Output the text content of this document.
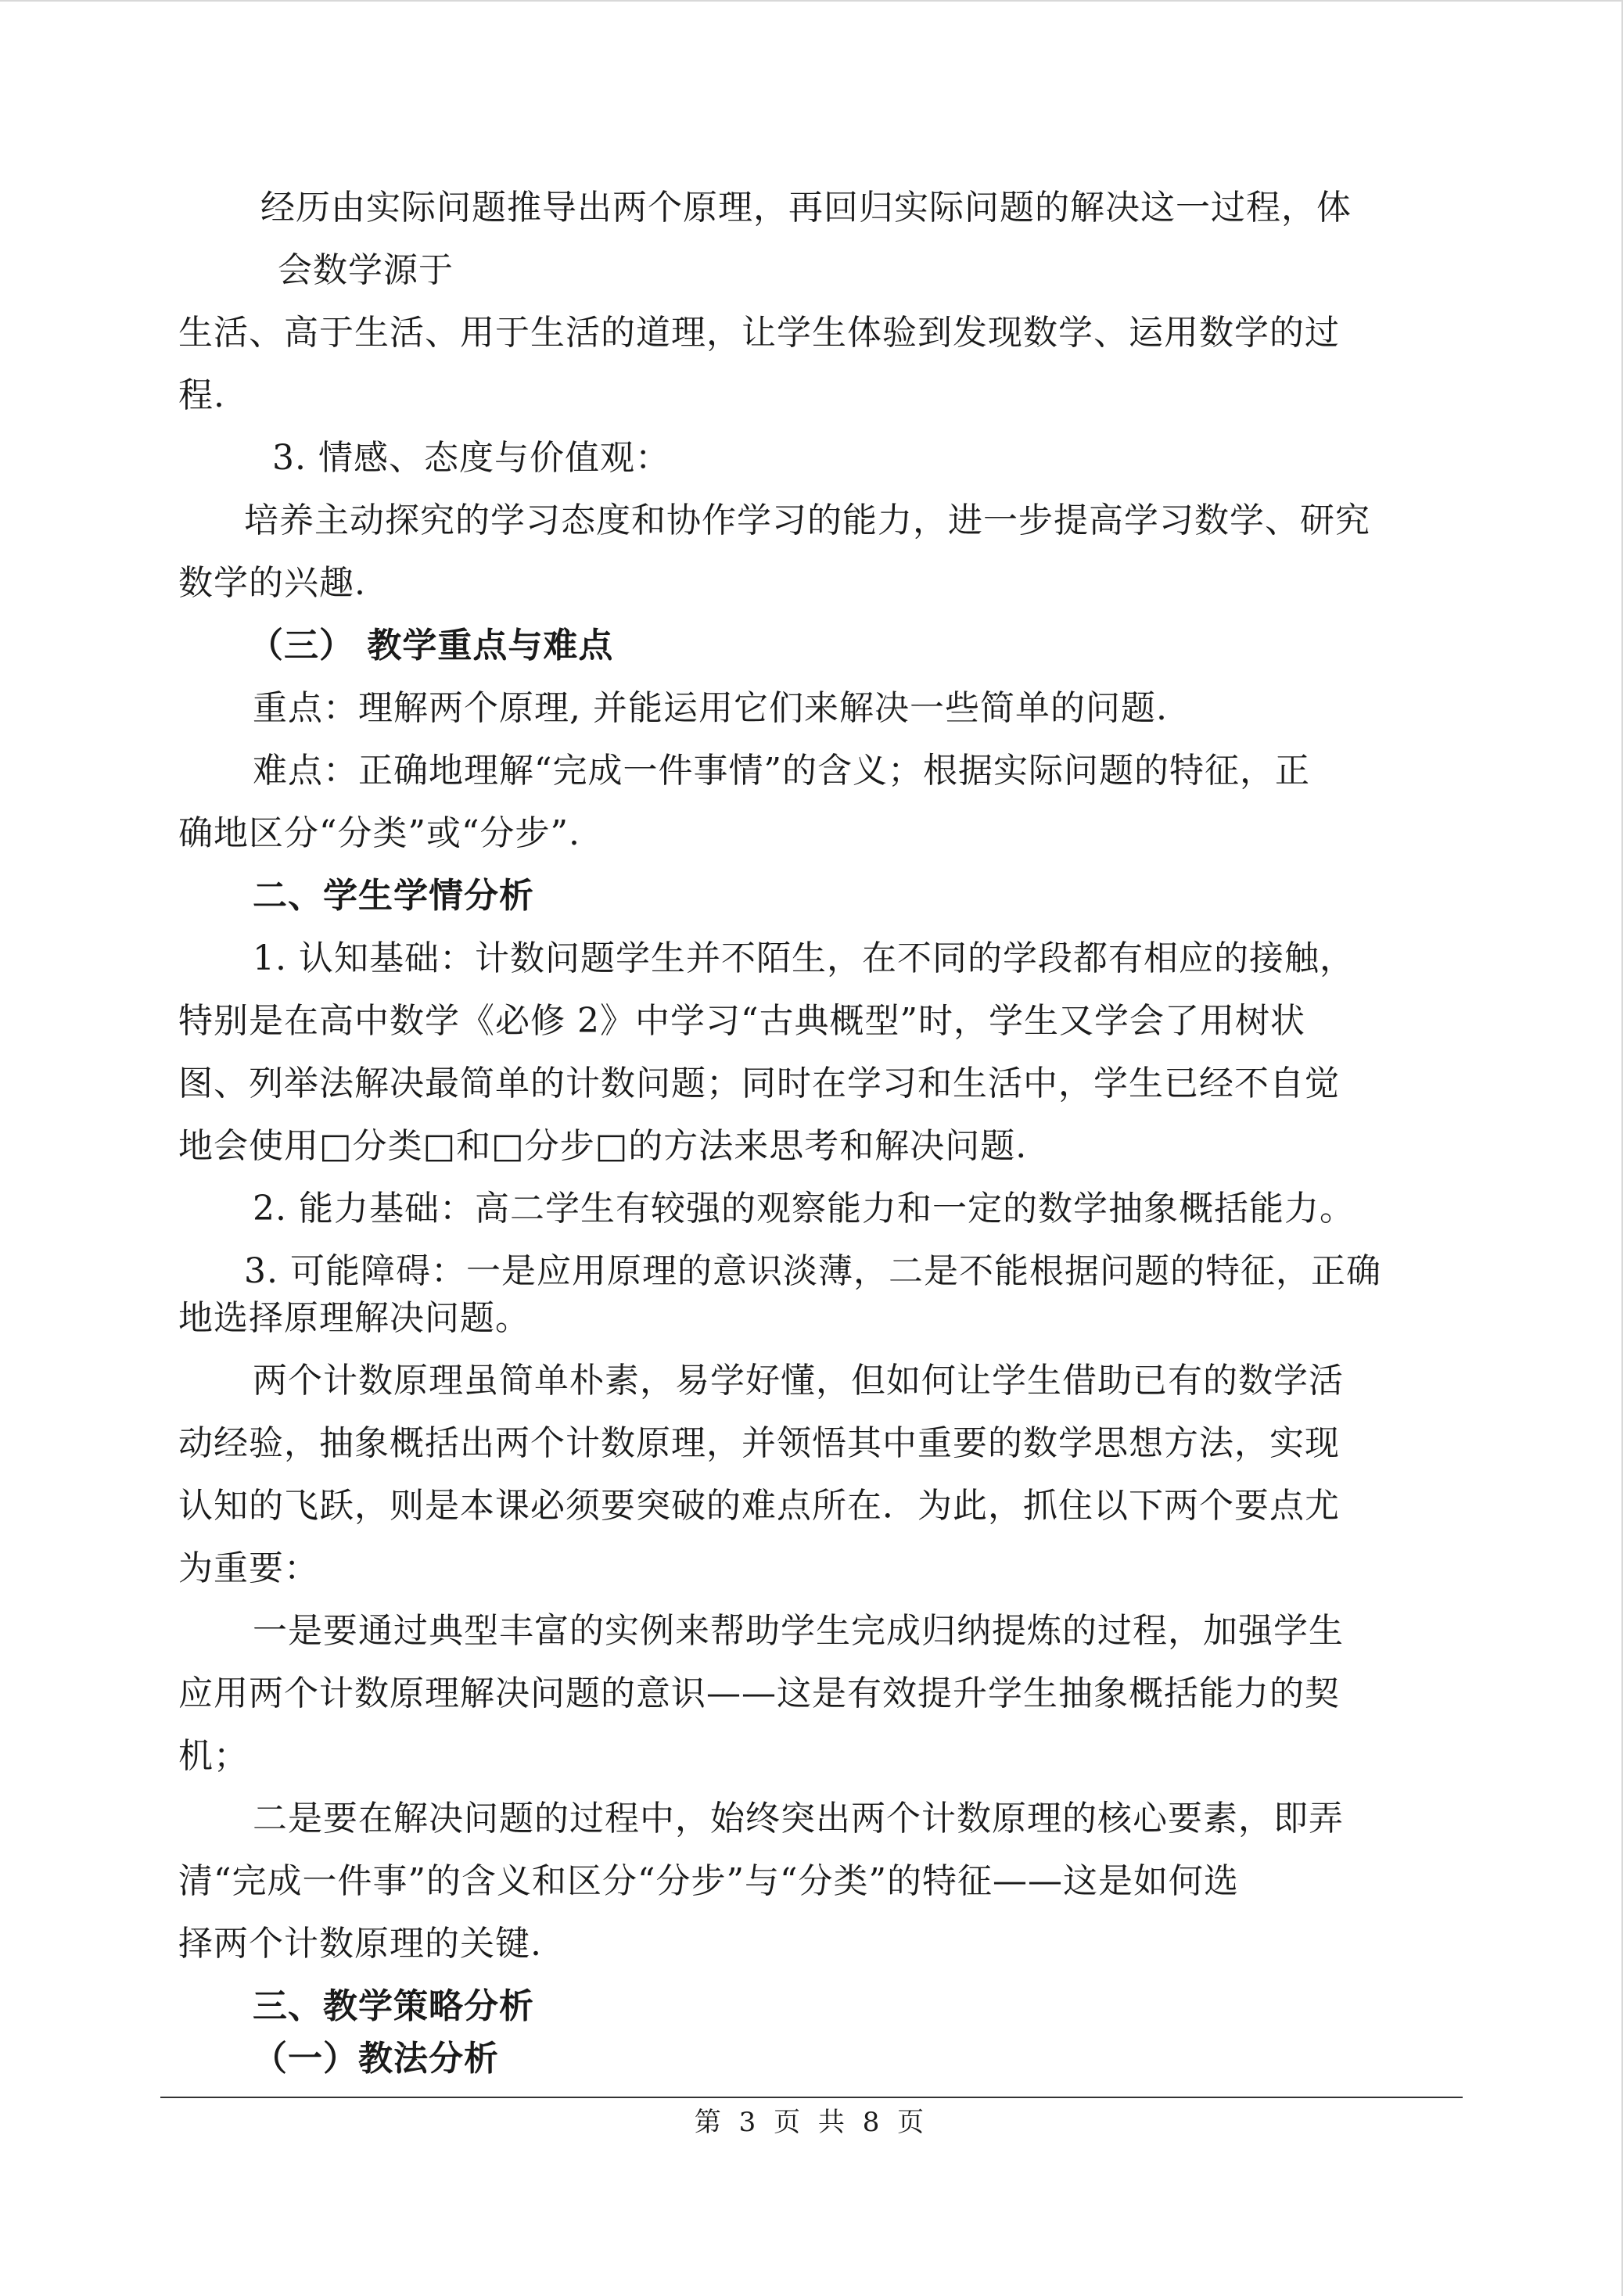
经历由实际问题推导出两个原理，再回归实际问题的解决这一过程，体
会数学源于
生活、高于生活、用于生活的道理，让学生体验到发现数学、运用数学的过
程.
3. 情感、态度与价值观：
培养主动探究的学习态度和协作学习的能力，进一步提高学习数学、研究
数学的兴趣.
（三） 教学重点与难点
重点：理解两个原理, 并能运用它们来解决一些简单的问题.
难点：正确地理解“完成一件事情”的含义；根据实际问题的特征，正
确地区分“分类”或“分步”.
二、学生学情分析
1. 认知基础：计数问题学生并不陌生，在不同的学段都有相应的接触，
特别是在高中数学《必修 2》中学习“古典概型”时，学生又学会了用树状
图、列举法解决最简单的计数问题；同时在学习和生活中，学生已经不自觉
地会使用□分类□和□分步□的方法来思考和解决问题.
2. 能力基础：高二学生有较强的观察能力和一定的数学抽象概括能力。
3. 可能障碍：一是应用原理的意识淡薄，二是不能根据问题的特征，正确
地选择原理解决问题。
两个计数原理虽简单朴素，易学好懂，但如何让学生借助已有的数学活
动经验，抽象概括出两个计数原理，并领悟其中重要的数学思想方法，实现
认知的飞跃，则是本课必须要突破的难点所在．为此，抓住以下两个要点尤
为重要：
一是要通过典型丰富的实例来帮助学生完成归纳提炼的过程，加强学生
应用两个计数原理解决问题的意识——这是有效提升学生抽象概括能力的契
机；
二是要在解决问题的过程中，始终突出两个计数原理的核心要素，即弄
清“完成一件事”的含义和区分“分步”与“分类”的特征——这是如何选
择两个计数原理的关键.
三、教学策略分析
（一）教法分析
第 3 页 共 8 页
